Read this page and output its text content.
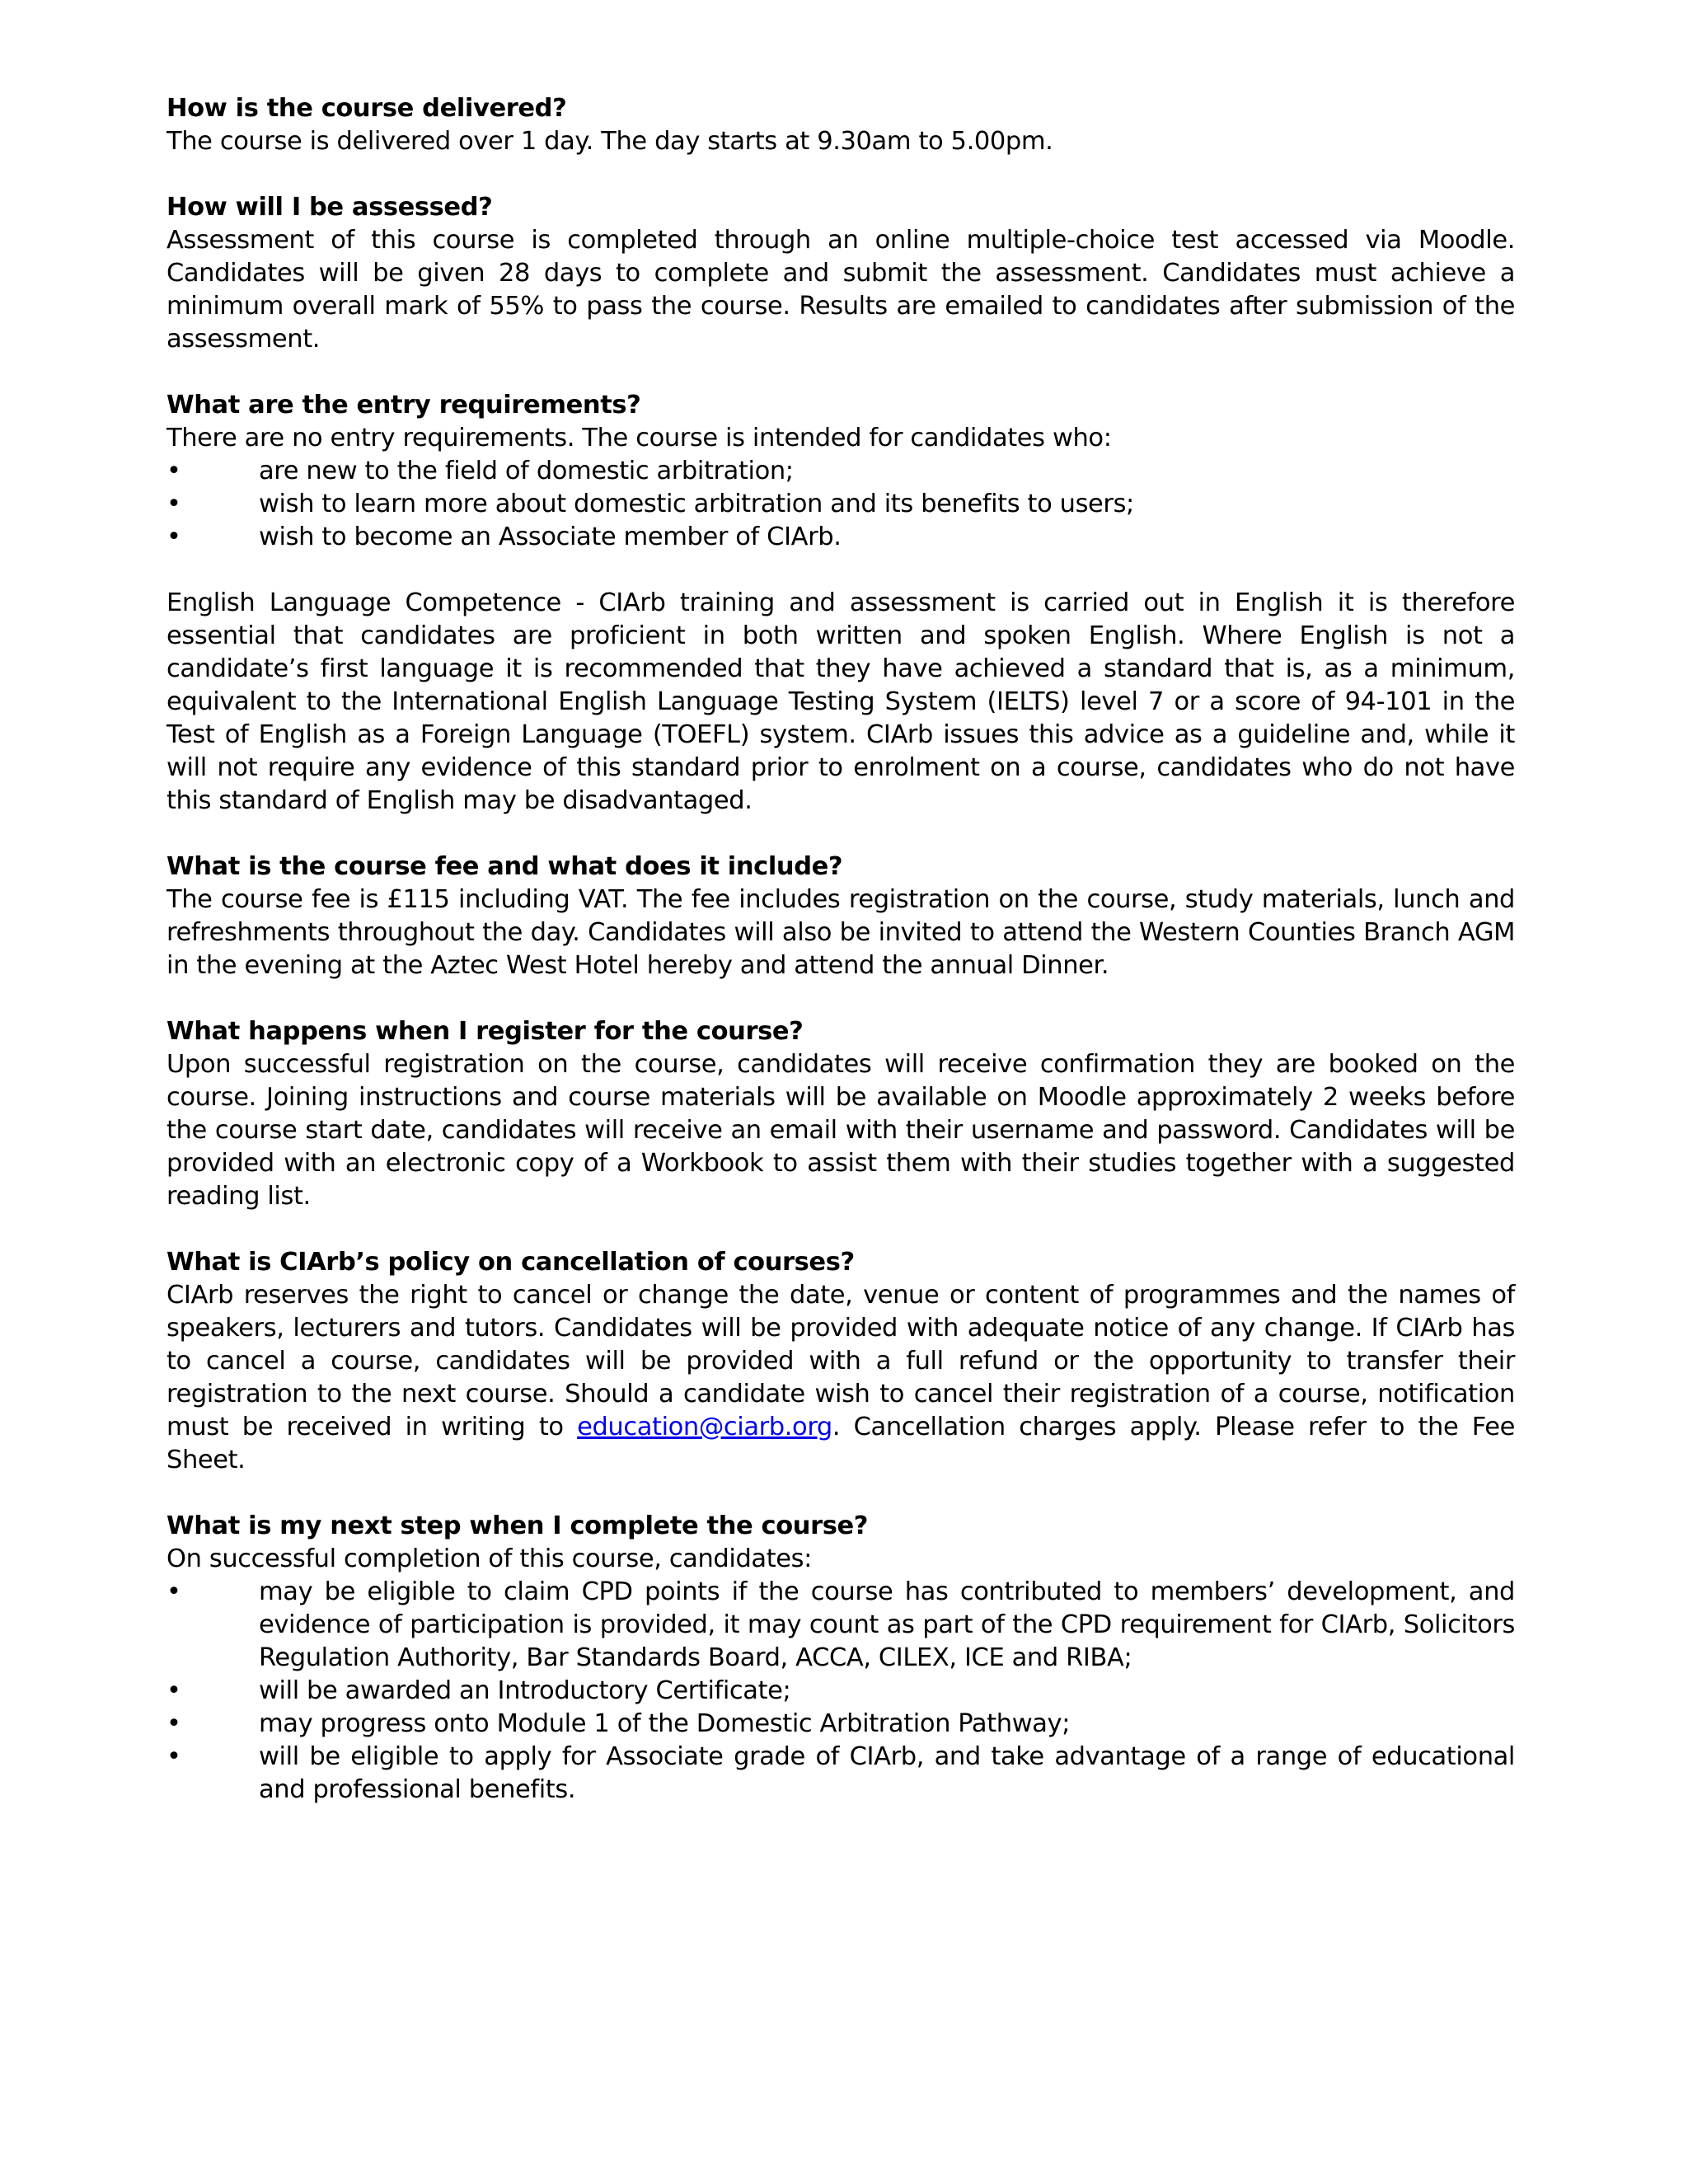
How is the course delivered?

The course is delivered over 1 day. The day starts at 9.30am to 5.00pm.

How will I be assessed?

Assessment of this course is completed through an online multiple-choice test accessed via Moodle. Candidates will be given 28 days to complete and submit the assessment. Candidates must achieve a minimum overall mark of 55% to pass the course. Results are emailed to candidates after submission of the assessment.

What are the entry requirements?

There are no entry requirements. The course is intended for candidates who:

•	are new to the field of domestic arbitration;
•	wish to learn more about domestic arbitration and its benefits to users;
•	wish to become an Associate member of CIArb.

English Language Competence - CIArb training and assessment is carried out in English it is therefore essential that candidates are proficient in both written and spoken English. Where English is not a candidate’s first language it is recommended that they have achieved a standard that is, as a minimum, equivalent to the International English Language Testing System (IELTS) level 7 or a score of 94-101 in the Test of English as a Foreign Language (TOEFL) system. CIArb issues this advice as a guideline and, while it will not require any evidence of this standard prior to enrolment on a course, candidates who do not have this standard of English may be disadvantaged.

What is the course fee and what does it include?

The course fee is £115 including VAT. The fee includes registration on the course, study materials, lunch and refreshments throughout the day. Candidates will also be invited to attend the Western Counties Branch AGM in the evening at the Aztec West Hotel hereby and attend the annual Dinner.

What happens when I register for the course?

Upon successful registration on the course, candidates will receive confirmation they are booked on the course. Joining instructions and course materials will be available on Moodle approximately 2 weeks before the course start date, candidates will receive an email with their username and password. Candidates will be provided with an electronic copy of a Workbook to assist them with their studies together with a suggested reading list.

What is CIArb’s policy on cancellation of courses?

CIArb reserves the right to cancel or change the date, venue or content of programmes and the names of speakers, lecturers and tutors. Candidates will be provided with adequate notice of any change. If CIArb has to cancel a course, candidates will be provided with a full refund or the opportunity to transfer their registration to the next course. Should a candidate wish to cancel their registration of a course, notification must be received in writing to education@ciarb.org. Cancellation charges apply. Please refer to the Fee Sheet.

What is my next step when I complete the course?

On successful completion of this course, candidates:

•	may be eligible to claim CPD points if the course has contributed to members’ development, and evidence of participation is provided, it may count as part of the CPD requirement for CIArb, Solicitors Regulation Authority, Bar Standards Board, ACCA, CILEX, ICE and RIBA;
•	will be awarded an Introductory Certificate;
•	may progress onto Module 1 of the Domestic Arbitration Pathway;
•	will be eligible to apply for Associate grade of CIArb, and take advantage of a range of educational and professional benefits.
